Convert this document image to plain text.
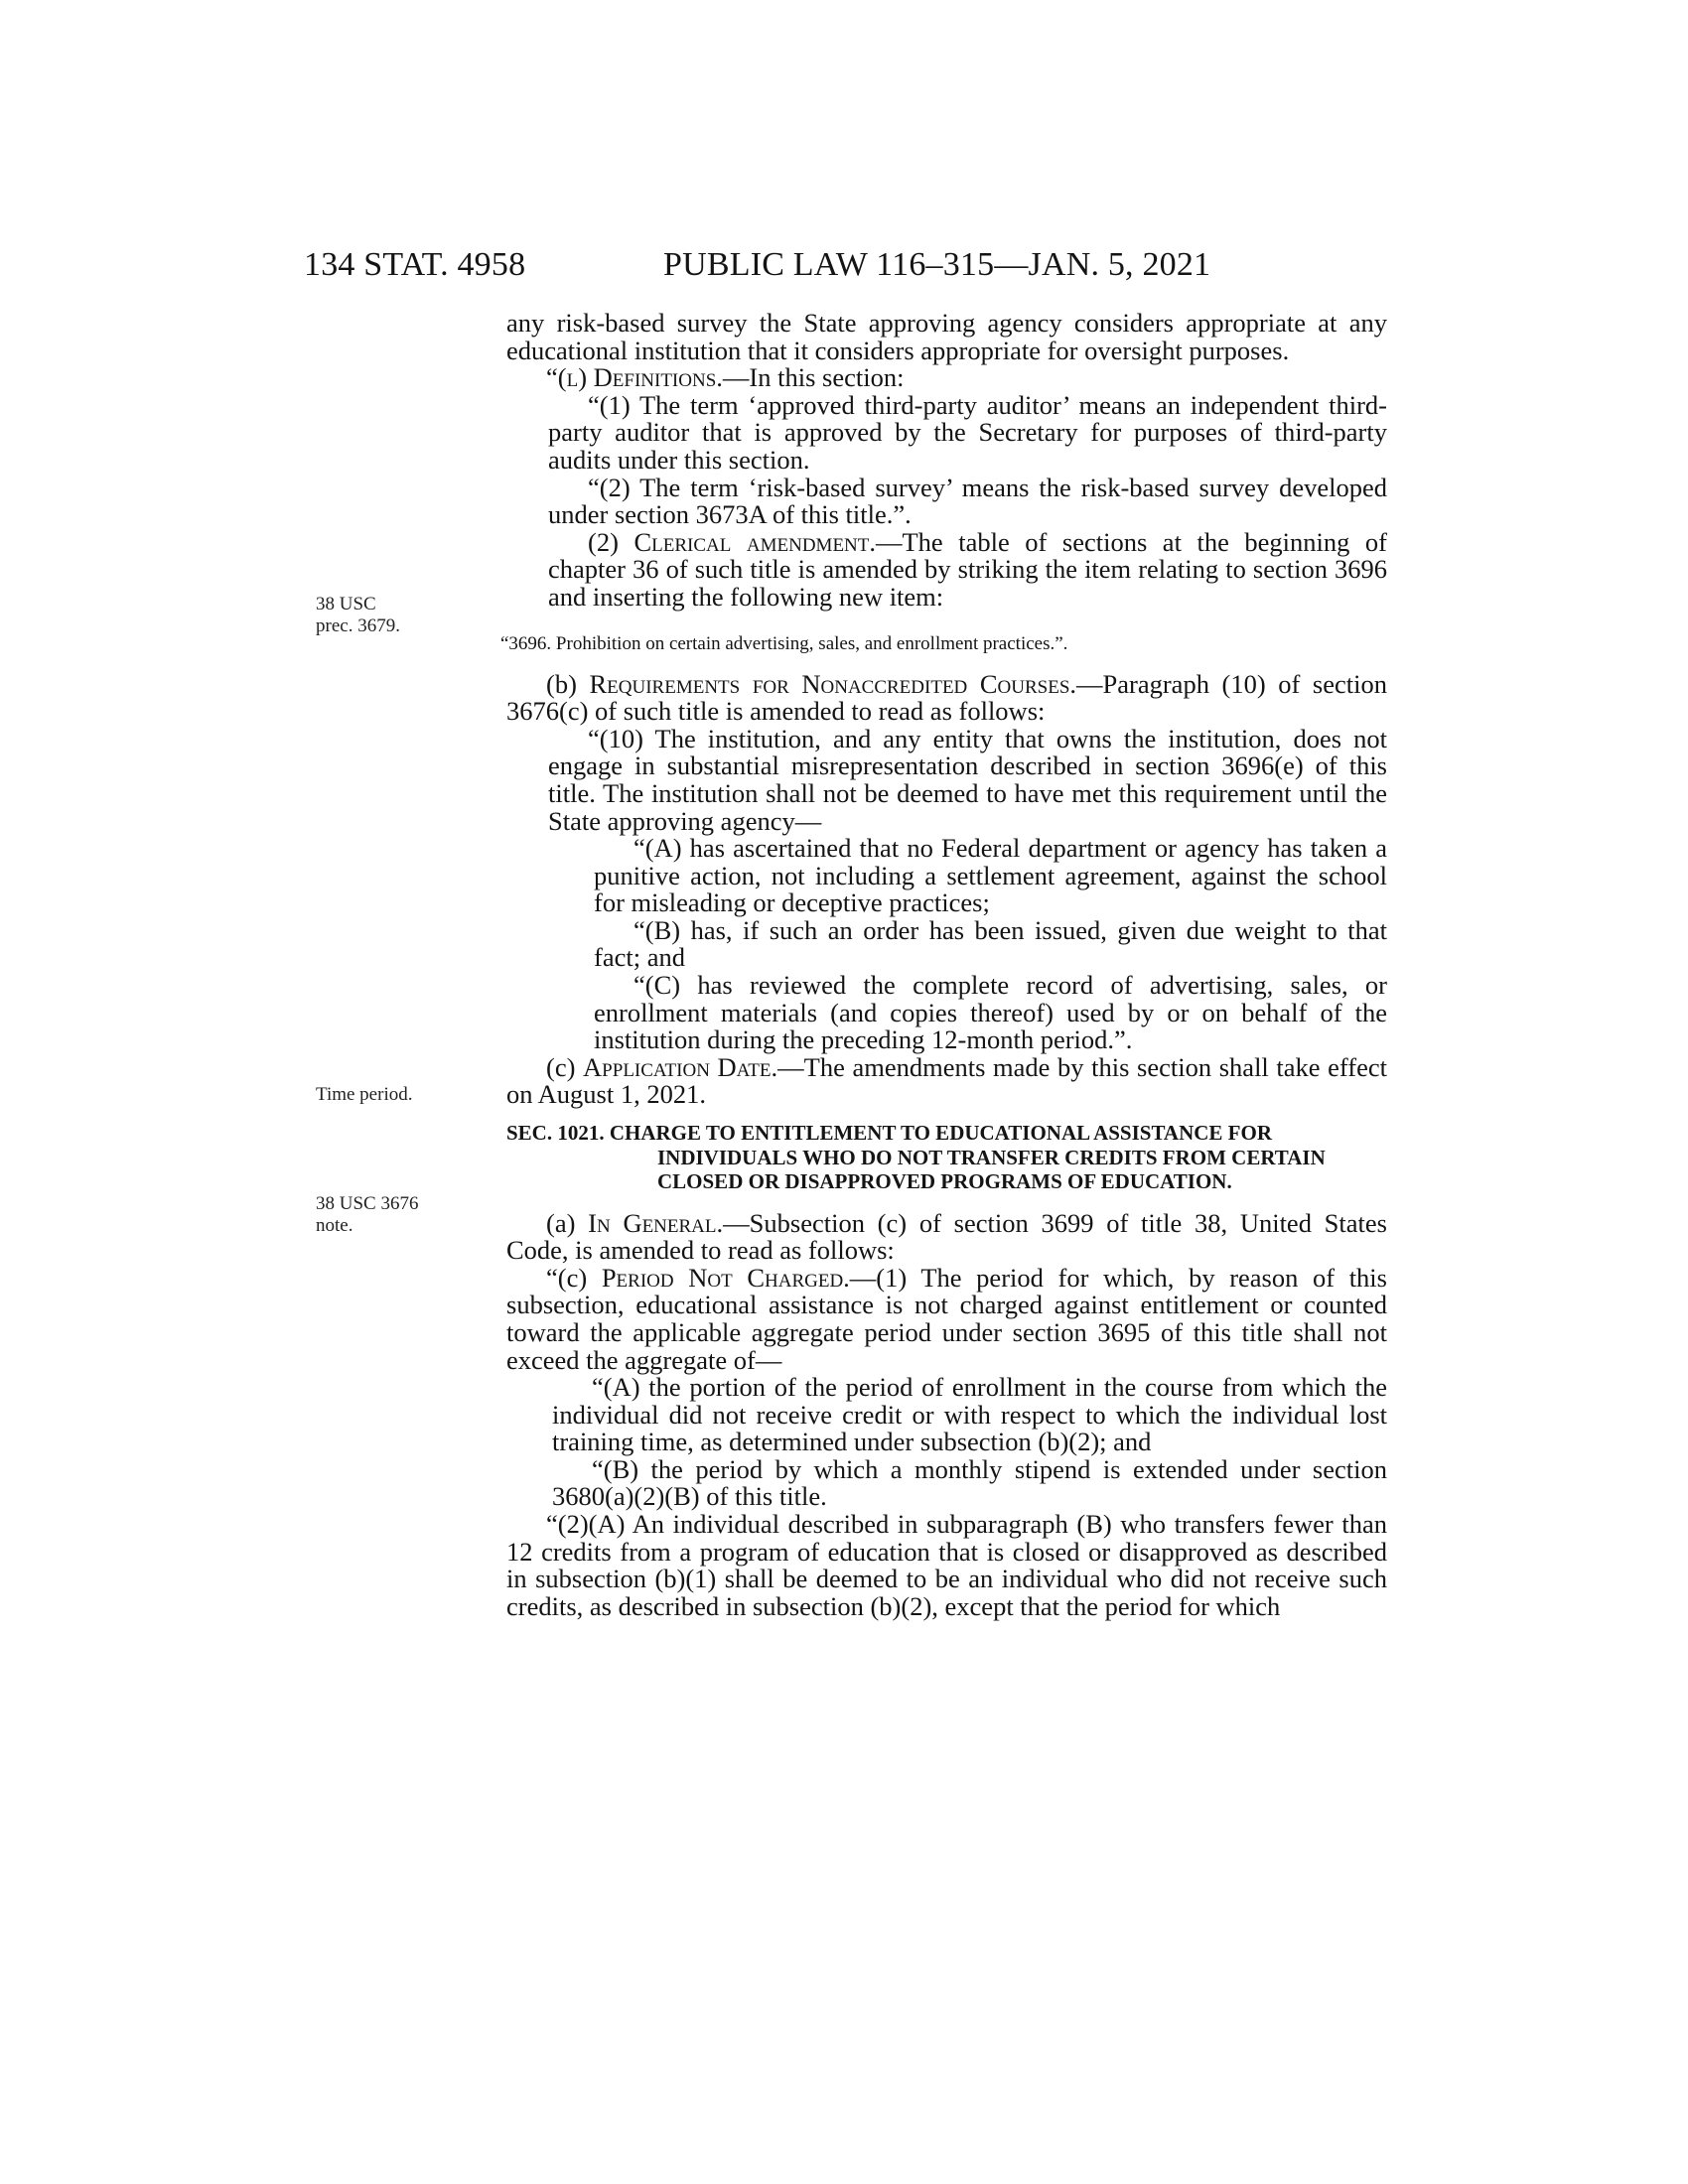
134 STAT. 4958	PUBLIC LAW 116–315—JAN. 5, 2021
38 USC
prec. 3679.
Time period.
38 USC 3676
note.

any risk-based survey the State approving agency considers appropriate at any educational institution that it considers appropriate for oversight purposes.

“(l) Definitions.—In this section:

“(1) The term ‘approved third-party auditor’ means an independent third-party auditor that is approved by the Secretary for purposes of third-party audits under this section.

“(2) The term ‘risk-based survey’ means the risk-based survey developed under section 3673A of this title.”.

(2) Clerical amendment.—The table of sections at the beginning of chapter 36 of such title is amended by striking the item relating to section 3696 and inserting the following new item:

“3696. Prohibition on certain advertising, sales, and enrollment practices.”.

(b) Requirements for Nonaccredited Courses.—Paragraph (10) of section 3676(c) of such title is amended to read as follows:

“(10) The institution, and any entity that owns the institution, does not engage in substantial misrepresentation described in section 3696(e) of this title. The institution shall not be deemed to have met this requirement until the State approving agency—

“(A) has ascertained that no Federal department or agency has taken a punitive action, not including a settlement agreement, against the school for misleading or deceptive practices;

“(B) has, if such an order has been issued, given due weight to that fact; and

“(C) has reviewed the complete record of advertising, sales, or enrollment materials (and copies thereof) used by or on behalf of the institution during the preceding 12-month period.”.

(c) Application Date.—The amendments made by this section shall take effect on August 1, 2021.

SEC. 1021. CHARGE TO ENTITLEMENT TO EDUCATIONAL ASSISTANCE FOR INDIVIDUALS WHO DO NOT TRANSFER CREDITS FROM CERTAIN CLOSED OR DISAPPROVED PROGRAMS OF EDUCATION.

(a) In General.—Subsection (c) of section 3699 of title 38, United States Code, is amended to read as follows:

“(c) Period Not Charged.—(1) The period for which, by reason of this subsection, educational assistance is not charged against entitlement or counted toward the applicable aggregate period under section 3695 of this title shall not exceed the aggregate of—

“(A) the portion of the period of enrollment in the course from which the individual did not receive credit or with respect to which the individual lost training time, as determined under subsection (b)(2); and

“(B) the period by which a monthly stipend is extended under section 3680(a)(2)(B) of this title.

“(2)(A) An individual described in subparagraph (B) who transfers fewer than 12 credits from a program of education that is closed or disapproved as described in subsection (b)(1) shall be deemed to be an individual who did not receive such credits, as described in subsection (b)(2), except that the period for which
